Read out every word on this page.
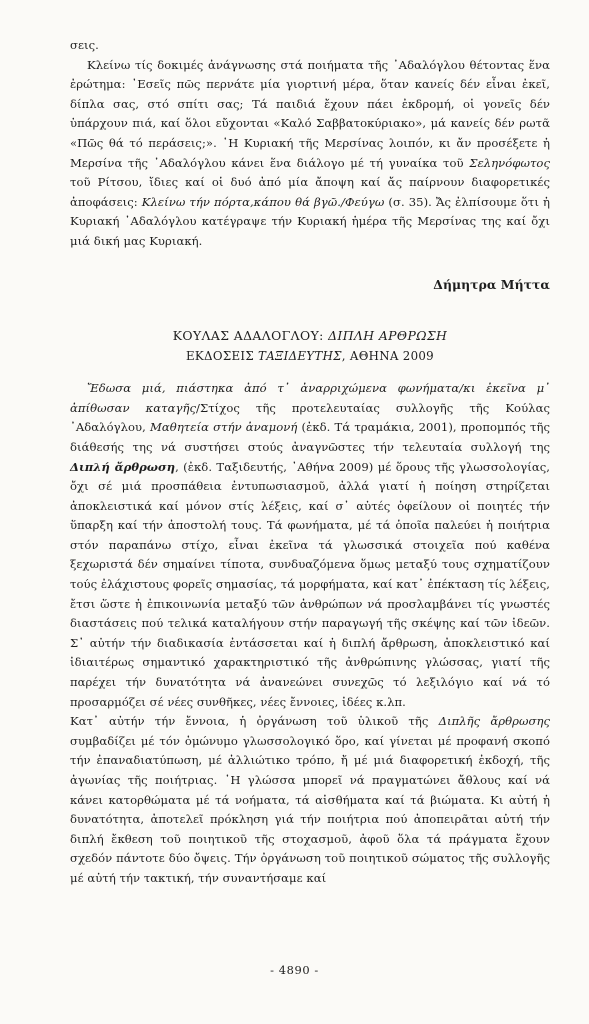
σεις.

Κλείνω τίς δοκιμές ἀνάγνωσης στά ποιήματα τῆς ᾿Αδαλόγλου θέτοντας ἕνα ἐρώτημα: ᾿Εσεῖς πῶς περνάτε μία γιορτινή μέρα, ὅταν κανείς δέν εἶναι ἐκεῖ, δίπλα σας, στό σπίτι σας; Τά παιδιά ἔχουν πάει ἐκδρομή, οἱ γονεῖς δέν ὑπάρχουν πιά, καί ὅλοι εὔχονται «Καλό Σαββατοκύριακο», μά κανείς δέν ρωτᾶ «Πῶς θά τό περάσεις;». ῾Η Κυριακή τῆς Μερσίνας λοιπόν, κι ἄν προσέξετε ἡ Μερσίνα τῆς ᾿Αδαλόγλου κάνει ἕνα διάλογο μέ τή γυναίκα τοῦ Σεληνόφωτος τοῦ Ρίτσου, ἴδιες καί οἱ δυό ἀπό μία ἄποψη καί ἄς παίρνουν διαφορετικές ἀποφάσεις: Κλείνω τήν πόρτα,κάπου θά βγῶ./Φεύγω (σ. 35). Ἄς ἐλπίσουμε ὅτι ἡ Κυριακή ᾿Αδαλόγλου κατέγραψε τήν Κυριακή ἡμέρα τῆς Μερσίνας της καί ὄχι μιά δική μας Κυριακή.

Δήμητρα Μήττα

ΚΟΥΛΑΣ ΑΔΑΛΟΓΛΟΥ: ΔΙΠΛΗ ΑΡΘΡΩΣΗ

ΕΚΔΟΣΕΙΣ ΤΑΞΙΔΕΥΤΗΣ, ΑΘΗΝΑ 2009

Ἔδωσα μιά, πιάστηκα ἀπό τ᾿ ἀναρριχώμενα φωνήματα/κι ἐκεῖνα μ᾿ ἀπίθωσαν καταγῆς/Στίχος τῆς προτελευταίας συλλογῆς τῆς Κούλας ᾿Αδαλόγλου, Μαθητεία στήν ἀναμονή (ἐκδ. Τά τραμάκια, 2001), προπομπός τῆς διάθεσής της νά συστήσει στούς ἀναγνῶστες τήν τελευταία συλλογή της Διπλή ἄρθρωση, (ἐκδ. Ταξιδευτής, ᾿Αθήνα 2009) μέ ὅρους τῆς γλωσσολογίας, ὄχι σέ μιά προσπάθεια ἐντυπωσιασμοῦ, ἀλλά γιατί ἡ ποίηση στηρίζεται ἀποκλειστικά καί μόνον στίς λέξεις, καί σ᾿ αὐτές ὀφείλουν οἱ ποιητές τήν ὕπαρξη καί τήν ἀποστολή τους. Τά φωνήματα, μέ τά ὁποῖα παλεύει ἡ ποιήτρια στόν παραπάνω στίχο, εἶναι ἐκεῖνα τά γλωσσικά στοιχεῖα πού καθένα ξεχωριστά δέν σημαίνει τίποτα, συνδυαζόμενα ὅμως μεταξύ τους σχηματίζουν τούς ἐλάχιστους φορεῖς σημασίας, τά μορφήματα, καί κατ᾿ ἐπέκταση τίς λέξεις, ἔτσι ὥστε ἡ ἐπικοινωνία μεταξύ τῶν ἀνθρώπων νά προσλαμβάνει τίς γνωστές διαστάσεις πού τελικά καταλήγουν στήν παραγωγή τῆς σκέψης καί τῶν ἰδεῶν. Σ᾿ αὐτήν τήν διαδικασία ἐντάσσεται καί ἡ διπλή ἄρθρωση, ἀποκλειστικό καί ἰδιαιτέρως σημαντικό χαρακτηριστικό τῆς ἀνθρώπινης γλώσσας, γιατί τῆς παρέχει τήν δυνατότητα νά ἀνανεώνει συνεχῶς τό λεξιλόγιο καί νά τό προσαρμόζει σέ νέες συνθῆκες, νέες ἔννοιες, ἰδέες κ.λπ.

Κατ᾿ αὐτήν τήν ἔννοια, ἡ ὀργάνωση τοῦ ὑλικοῦ τῆς Διπλῆς ἄρθρωσης συμβαδίζει μέ τόν ὁμώνυμο γλωσσολογικό ὅρο, καί γίνεται μέ προφανή σκοπό τήν ἐπαναδιατύπωση, μέ ἀλλιώτικο τρόπο, ἤ μέ μιά διαφορετική ἐκδοχή, τῆς ἀγωνίας τῆς ποιήτριας. ῾Η γλώσσα μπορεῖ νά πραγματώνει ἄθλους καί νά κάνει κατορθώματα μέ τά νοήματα, τά αἰσθήματα καί τά βιώματα. Κι αὐτή ἡ δυνατότητα, ἀποτελεῖ πρόκληση γιά τήν ποιήτρια πού ἀποπειρᾶται αὐτή τήν διπλή ἔκθεση τοῦ ποιητικοῦ τῆς στοχασμοῦ, ἀφοῦ ὅλα τά πράγματα ἔχουν σχεδόν πάντοτε δύο ὄψεις. Τήν ὀργάνωση τοῦ ποιητικοῦ σώματος τῆς συλλογῆς μέ αὐτή τήν τακτική, τήν συναντήσαμε καί

- 4890 -
